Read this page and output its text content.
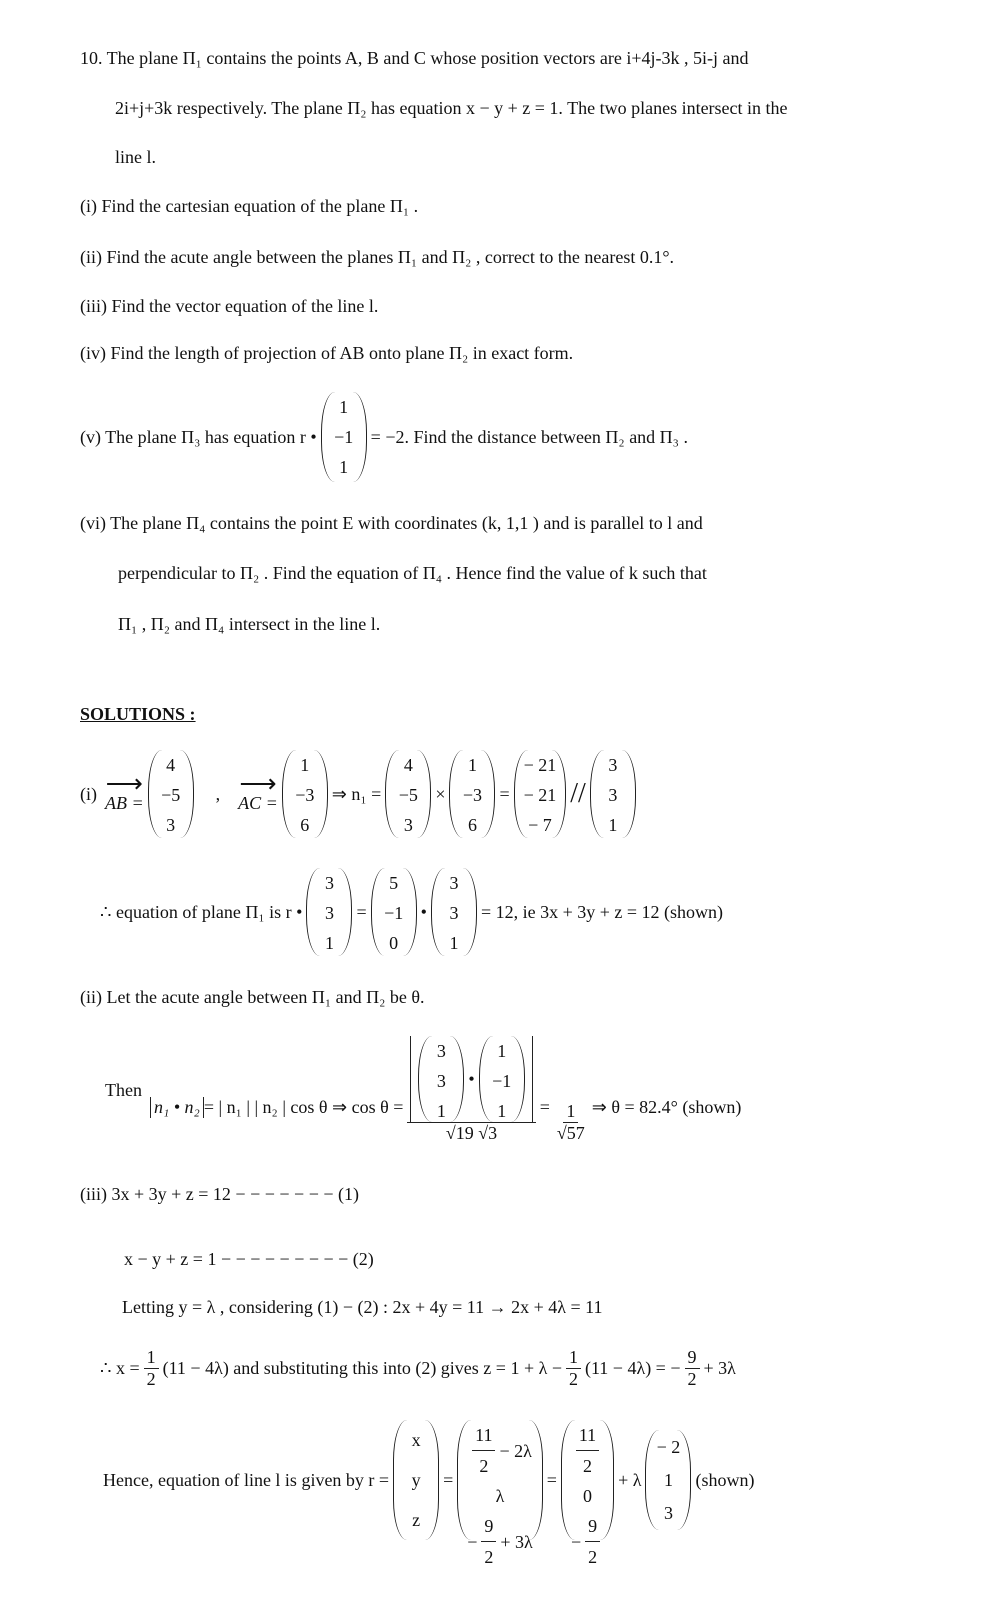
10. The plane Π₁ contains the points A, B and C whose position vectors are i+4j-3k , 5i-j and
2i+j+3k respectively. The plane Π₂ has equation x − y + z = 1. The two planes intersect in the
line l.
(i) Find the cartesian equation of the plane Π₁ .
(ii) Find the acute angle between the planes Π₁ and Π₂ , correct to the nearest 0.1°.
(iii) Find the vector equation of the line l.
(iv) Find the length of projection of AB onto plane Π₂ in exact form.
(v) The plane Π₃ has equation r •
1
−1
1
= −2. Find the distance between Π₂ and Π₃ .
(vi) The plane Π₄ contains the point E with coordinates (k, 1,1 ) and is parallel to l and
perpendicular to Π₂ . Find the equation of Π₄ . Hence find the value of k such that
Π₁ , Π₂ and Π₄ intersect in the line l.
SOLUTIONS :
(i) ⟶
AB =
4
−5
3
, ⟶
AC =
1
−3
6
⇒ n₁ =
4
−5
3
×
1
−3
6
=
− 21
− 21
− 7
//
3
3
1
∴ equation of plane Π₁ is r •
3
3
1
=
5
−1
0
•
3
3
1
= 12, ie 3x + 3y + z = 12 (shown)
(ii) Let the acute angle between Π₁ and Π₂ be θ.
Then
n₁ • n₂ = | n₁ | | n₂ | cos θ ⇒ cos θ = 3
3
1
•
1
−1
1
√19 $√3 = \frac{1}{√57}$ ⇒ θ = 82.4° (shown)
(iii) 3x + 3y + z = 12 − − − − − − − (1)
x − y + z = 1 − − − − − − − − − (2)
Letting y = λ , considering (1) − (2) : 2x + 4y = 11 → 2x + 4λ = 11
∴ $x = \frac{1}{2} (11 - 4\lambda)$ and substituting this into (2) gives $z = 1 + \lambda - \frac{1}{2} (11 - 4\lambda)$ = − $\frac{9}{2} + 3\lambda$
Hence, equation of line l is given by r =
x
y
z
= $\frac{11}{2} - 2\lambda$
λ
− $\frac{9}{2} + 3\lambda$
= $\frac{11}{2}$
0
− $\frac{9}{2}$
+ λ
− 2
1
3
(shown)
